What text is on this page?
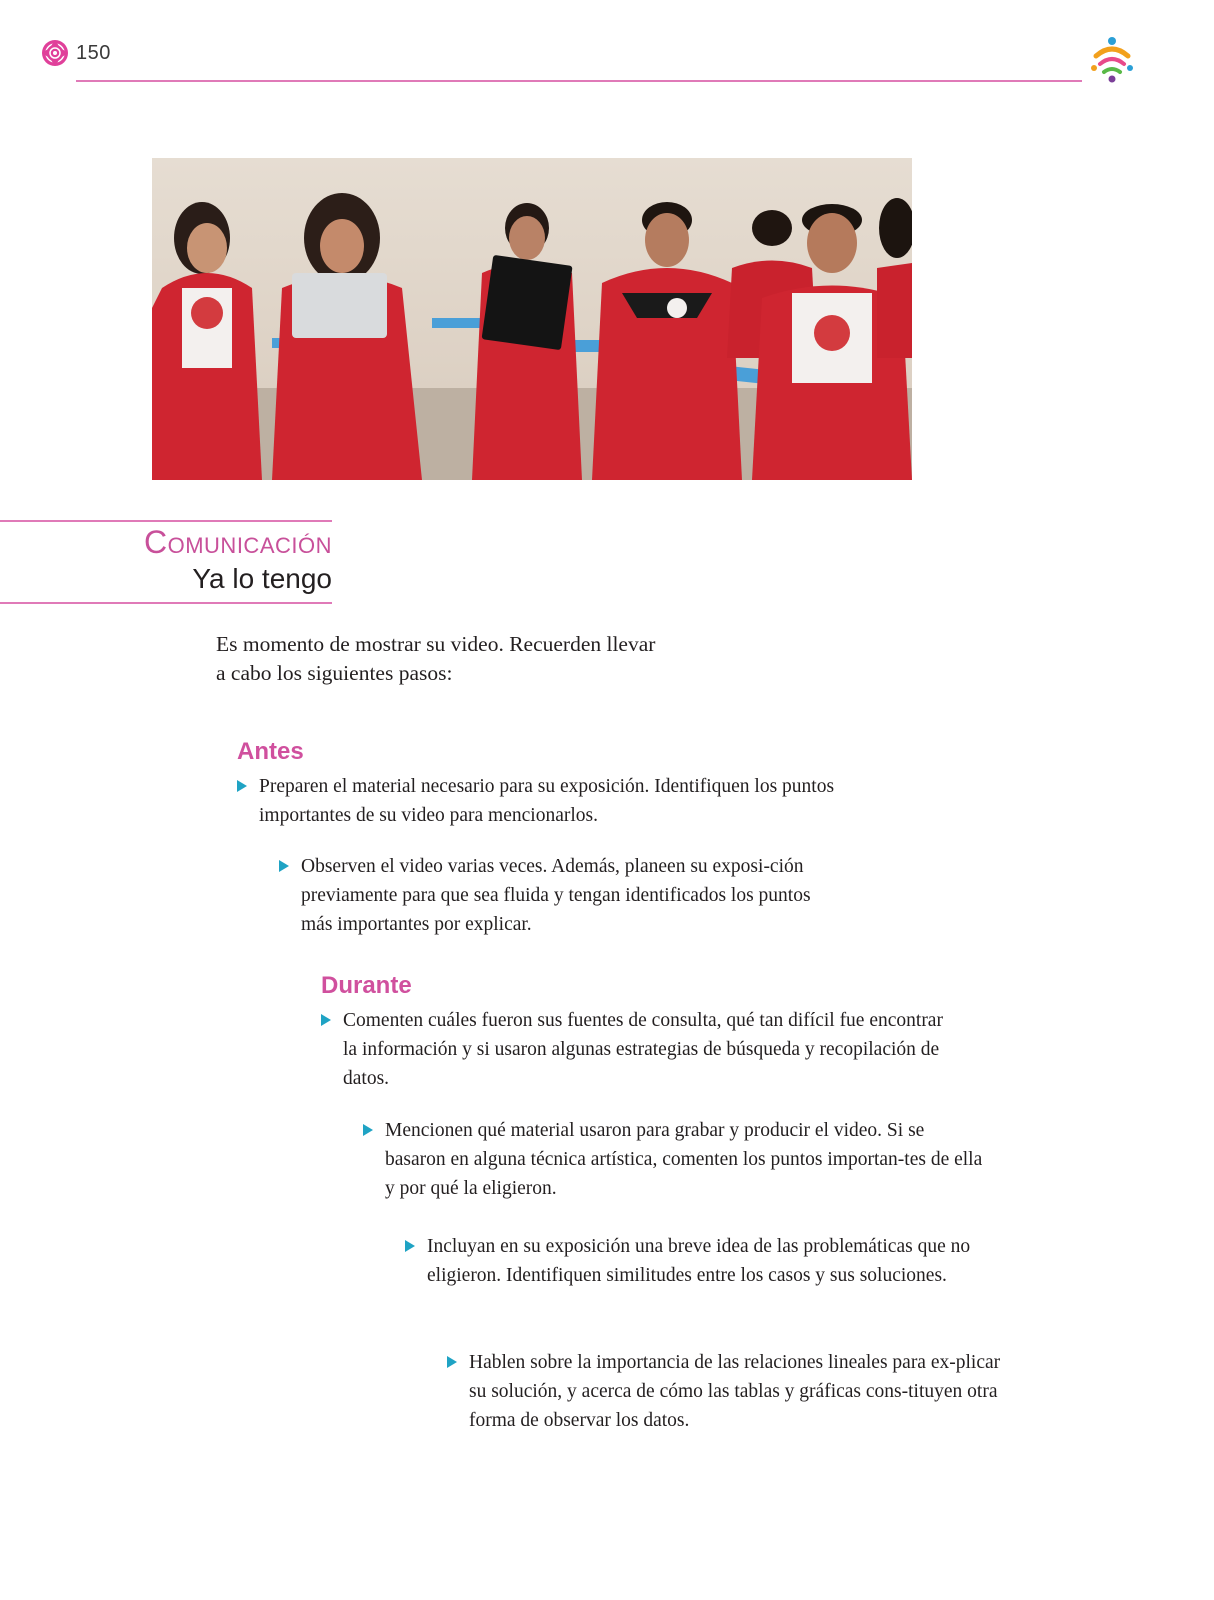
150
Comunicación
Ya lo tengo
Es momento de mostrar su video. Recuerden llevar a cabo los siguientes pasos:
Antes
Preparen el material necesario para su exposición. Identifiquen los puntos importantes de su video para mencionarlos.
Observen el video varias veces. Además, planeen su exposi-ción previamente para que sea fluida y tengan identificados los puntos más importantes por explicar.
Durante
Comenten cuáles fueron sus fuentes de consulta, qué tan difícil fue encontrar la información y si usaron algunas estrategias de búsqueda y recopilación de datos.
Mencionen qué material usaron para grabar y producir el video. Si se basaron en alguna técnica artística, comenten los puntos importan-tes de ella y por qué la eligieron.
Incluyan en su exposición una breve idea de las problemáticas que no eligieron. Identifiquen similitudes entre los casos y sus soluciones.
Hablen sobre la importancia de las relaciones lineales para ex-plicar su solución, y acerca de cómo las tablas y gráficas cons-tituyen otra forma de observar los datos.
